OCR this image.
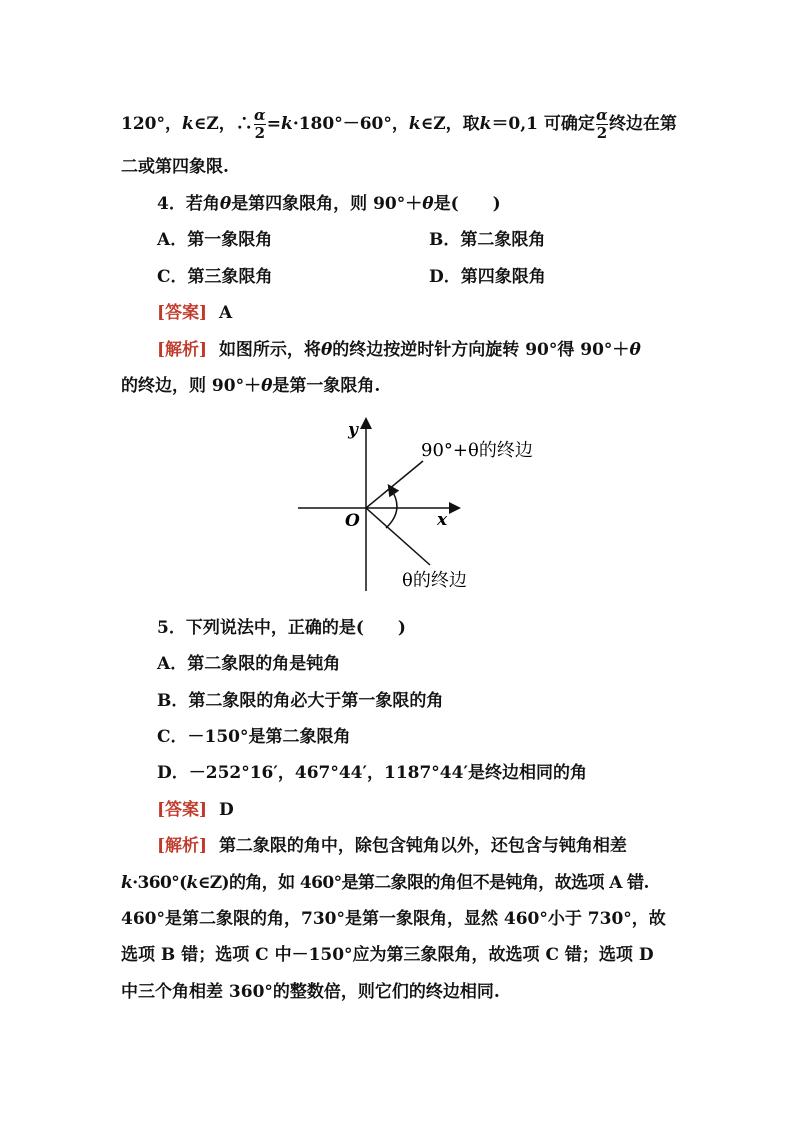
120°，k∈Z，∴ $\frac{\alpha}{2} =k\cdot 180^\circ-60^\circ$，k∈Z，取k＝0,1 可确定 $\frac{\alpha}{2}$ 终边在第
二或第四象限.
4．若角θ是第四象限角，则 90°＋θ是(　　)
A．第一象限角	B．第二象限角
C．第三象限角	D．第四象限角
[答案] A
[解析] 如图所示，将θ的终边按逆时针方向旋转 90°得 90°＋θ
的终边，则 90°＋θ是第一象限角.
y
x
O
90°+θ的终边
θ的终边
5．下列说法中，正确的是(　　)
A．第二象限的角是钝角
B．第二象限的角必大于第一象限的角
C．－150°是第二象限角
D．－252°16′，467°44′，1187°44′是终边相同的角
[答案] D
[解析] 第二象限的角中，除包含钝角以外，还包含与钝角相差
k·360°(k∈Z)的角，如 460°是第二象限的角但不是钝角，故选项 A 错.
460°是第二象限的角，730°是第一象限角，显然 460°小于 730°，故
选项 B 错；选项 C 中－150°应为第三象限角，故选项 C 错；选项 D
中三个角相差 360°的整数倍，则它们的终边相同.
